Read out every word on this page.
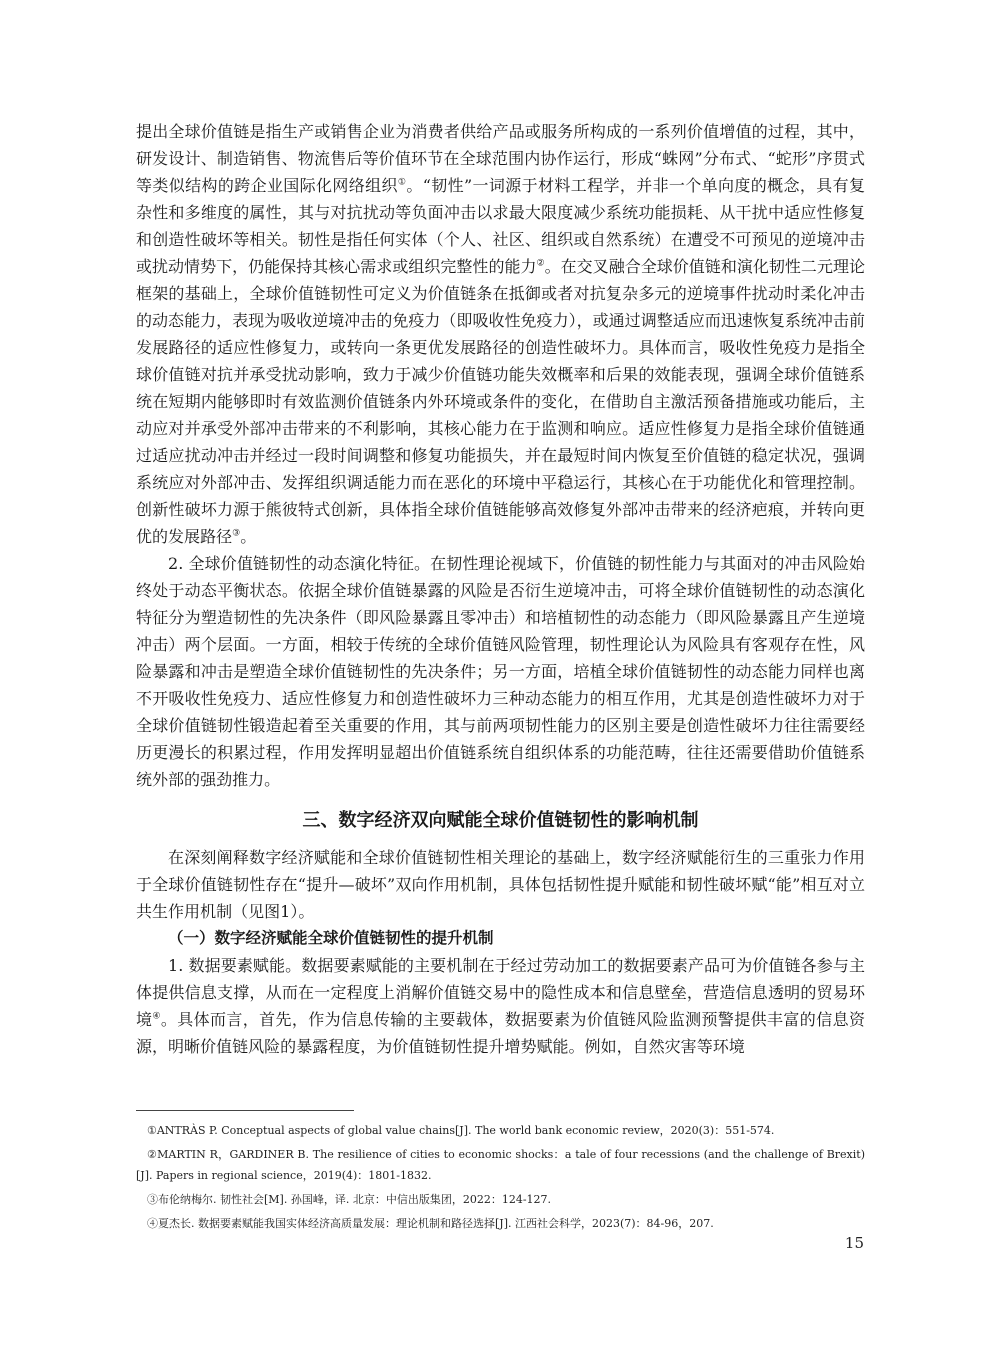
提出全球价值链是指生产或销售企业为消费者供给产品或服务所构成的一系列价值增值的过程，其中，研发设计、制造销售、物流售后等价值环节在全球范围内协作运行，形成“蛛网”分布式、“蛇形”序贯式等类似结构的跨企业国际化网络组织①。“韧性”一词源于材料工程学，并非一个单向度的概念，具有复杂性和多维度的属性，其与对抗扰动等负面冲击以求最大限度减少系统功能损耗、从干扰中适应性修复和创造性破坏等相关。韧性是指任何实体（个人、社区、组织或自然系统）在遭受不可预见的逆境冲击或扰动情势下，仍能保持其核心需求或组织完整性的能力②。在交叉融合全球价值链和演化韧性二元理论框架的基础上，全球价值链韧性可定义为价值链条在抵御或者对抗复杂多元的逆境事件扰动时柔化冲击的动态能力，表现为吸收逆境冲击的免疫力（即吸收性免疫力），或通过调整适应而迅速恢复系统冲击前发展路径的适应性修复力，或转向一条更优发展路径的创造性破坏力。具体而言，吸收性免疫力是指全球价值链对抗并承受扰动影响，致力于减少价值链功能失效概率和后果的效能表现，强调全球价值链系统在短期内能够即时有效监测价值链条内外环境或条件的变化，在借助自主激活预备措施或功能后，主动应对并承受外部冲击带来的不利影响，其核心能力在于监测和响应。适应性修复力是指全球价值链通过适应扰动冲击并经过一段时间调整和修复功能损失，并在最短时间内恢复至价值链的稳定状况，强调系统应对外部冲击、发挥组织调适能力而在恶化的环境中平稳运行，其核心在于功能优化和管理控制。创新性破坏力源于熊彼特式创新，具体指全球价值链能够高效修复外部冲击带来的经济疤痕，并转向更优的发展路径③。

2. 全球价值链韧性的动态演化特征。在韧性理论视域下，价值链的韧性能力与其面对的冲击风险始终处于动态平衡状态。依据全球价值链暴露的风险是否衍生逆境冲击，可将全球价值链韧性的动态演化特征分为塑造韧性的先决条件（即风险暴露且零冲击）和培植韧性的动态能力（即风险暴露且产生逆境冲击）两个层面。一方面，相较于传统的全球价值链风险管理，韧性理论认为风险具有客观存在性，风险暴露和冲击是塑造全球价值链韧性的先决条件；另一方面，培植全球价值链韧性的动态能力同样也离不开吸收性免疫力、适应性修复力和创造性破坏力三种动态能力的相互作用，尤其是创造性破坏力对于全球价值链韧性锻造起着至关重要的作用，其与前两项韧性能力的区别主要是创造性破坏力往往需要经历更漫长的积累过程，作用发挥明显超出价值链系统自组织体系的功能范畴，往往还需要借助价值链系统外部的强劲推力。

三、数字经济双向赋能全球价值链韧性的影响机制

在深刻阐释数字经济赋能和全球价值链韧性相关理论的基础上，数字经济赋能衍生的三重张力作用于全球价值链韧性存在“提升—破坏”双向作用机制，具体包括韧性提升赋能和韧性破坏赋“能”相互对立共生作用机制（见图1）。

（一）数字经济赋能全球价值链韧性的提升机制

1. 数据要素赋能。数据要素赋能的主要机制在于经过劳动加工的数据要素产品可为价值链各参与主体提供信息支撑，从而在一定程度上消解价值链交易中的隐性成本和信息壁垒，营造信息透明的贸易环境④。具体而言，首先，作为信息传输的主要载体，数据要素为价值链风险监测预警提供丰富的信息资源，明晰价值链风险的暴露程度，为价值链韧性提升增势赋能。例如，自然灾害等环境

①ANTRÀS P. Conceptual aspects of global value chains[J]. The world bank economic review，2020(3)：551-574.

②MARTIN R，GARDINER B. The resilience of cities to economic shocks：a tale of four recessions (and the challenge of Brexit)[J]. Papers in regional science，2019(4)：1801-1832.

③布伦纳梅尔. 韧性社会[M]. 孙国峰，译. 北京：中信出版集团，2022：124-127.

④夏杰长. 数据要素赋能我国实体经济高质量发展：理论机制和路径选择[J]. 江西社会科学，2023(7)：84-96，207.

15
